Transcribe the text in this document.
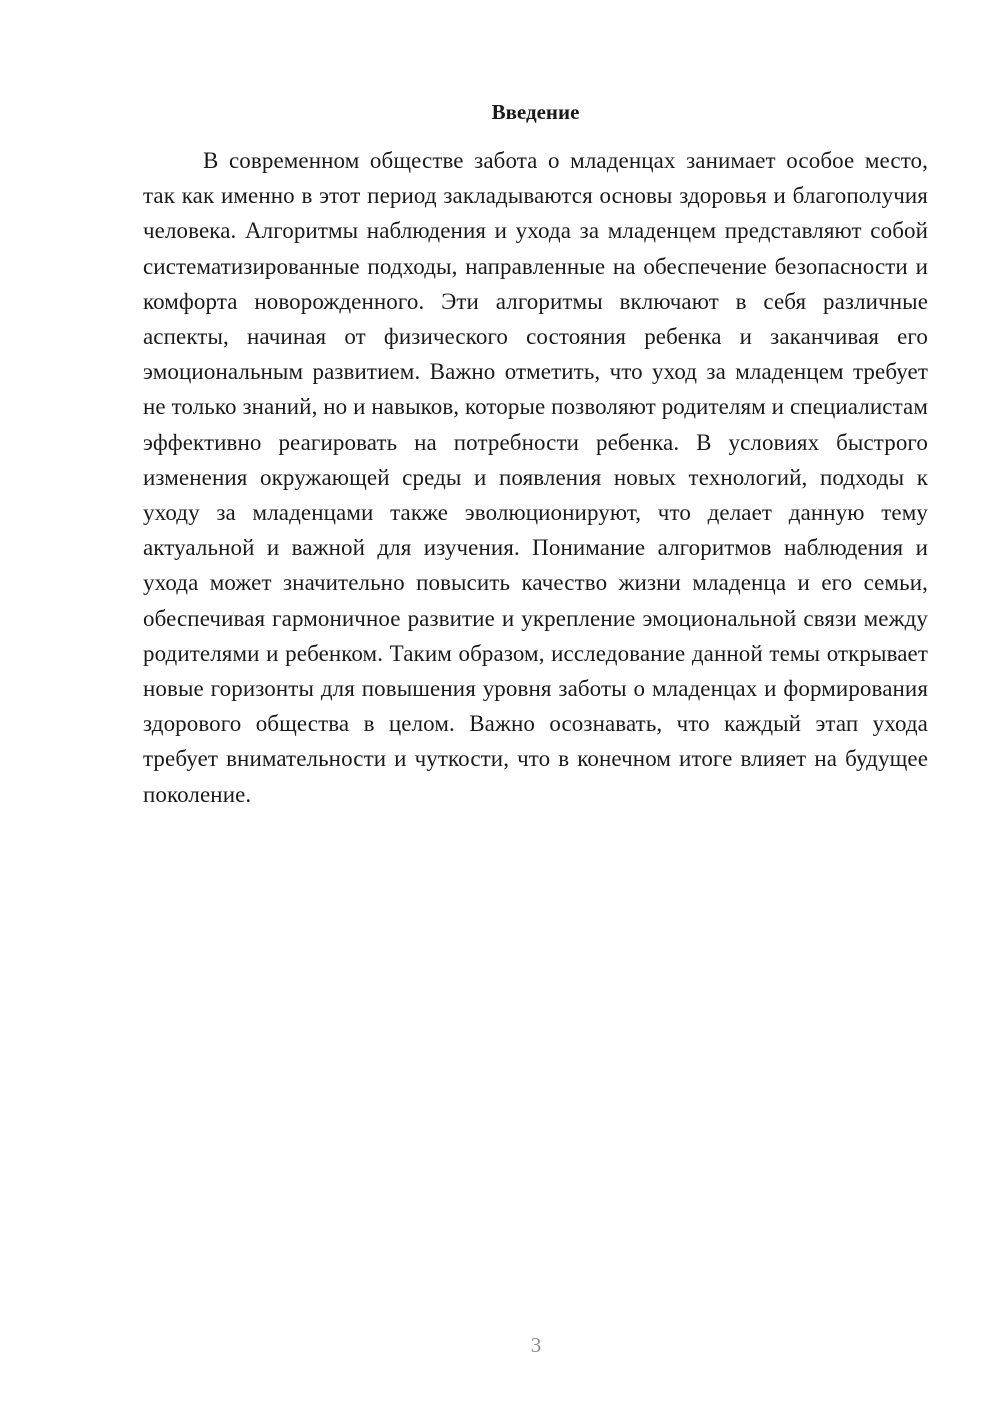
Введение

В современном обществе забота о младенцах занимает особое место, так как именно в этот период закладываются основы здоровья и благополучия человека. Алгоритмы наблюдения и ухода за младенцем представляют собой систематизированные подходы, направленные на обеспечение безопасности и комфорта новорожденного. Эти алгоритмы включают в себя различные аспекты, начиная от физического состояния ребенка и заканчивая его эмоциональным развитием. Важно отметить, что уход за младенцем требует не только знаний, но и навыков, которые позволяют родителям и специалистам эффективно реагировать на потребности ребенка. В условиях быстрого изменения окружающей среды и появления новых технологий, подходы к уходу за младенцами также эволюционируют, что делает данную тему актуальной и важной для изучения. Понимание алгоритмов наблюдения и ухода может значительно повысить качество жизни младенца и его семьи, обеспечивая гармоничное развитие и укрепление эмоциональной связи между родителями и ребенком. Таким образом, исследование данной темы открывает новые горизонты для повышения уровня заботы о младенцах и формирования здорового общества в целом. Важно осознавать, что каждый этап ухода требует внимательности и чуткости, что в конечном итоге влияет на будущее поколение.

3
